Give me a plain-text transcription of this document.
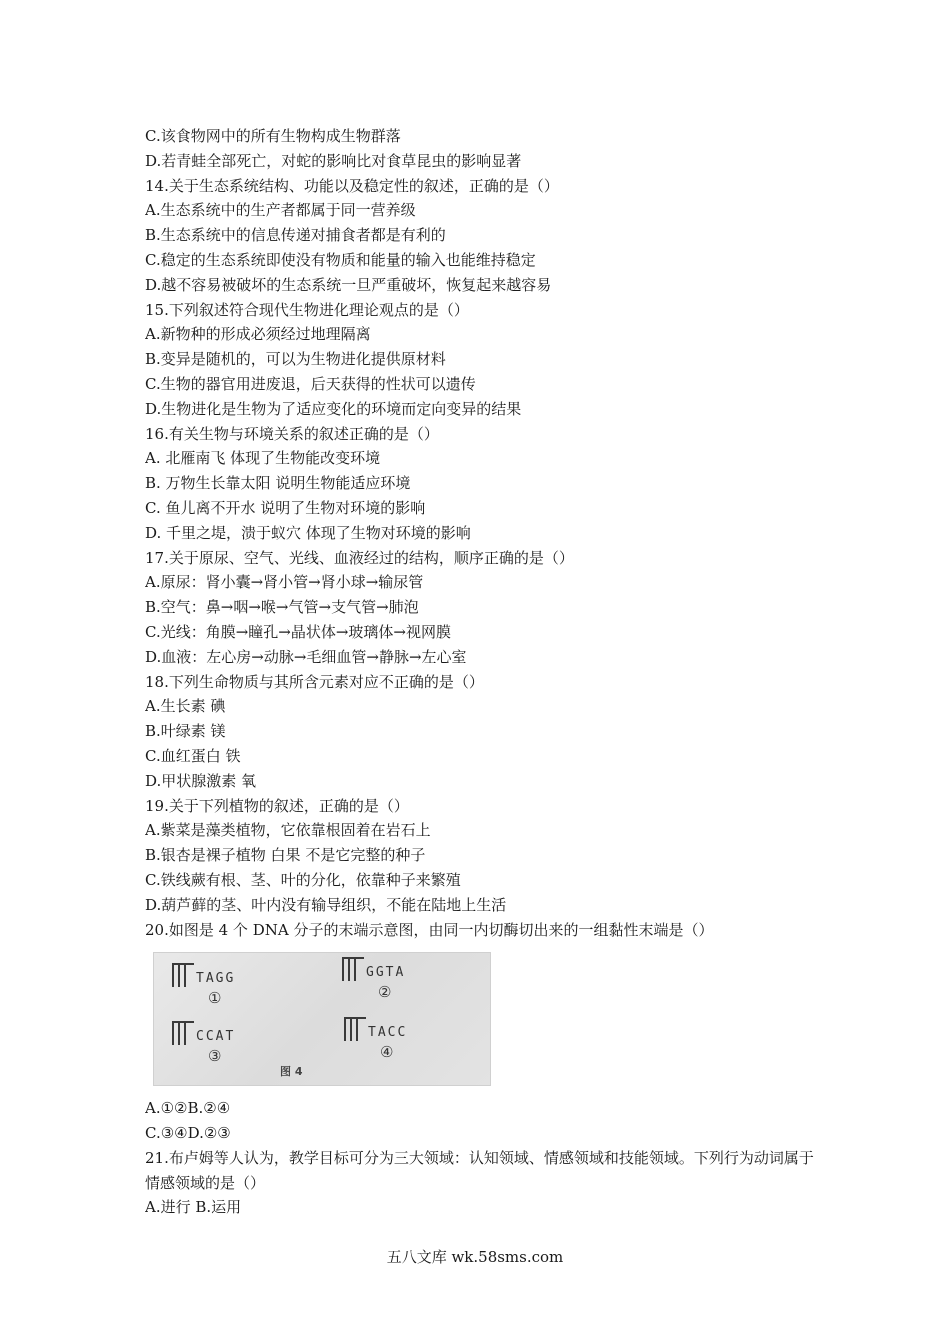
C.该食物网中的所有生物构成生物群落
D.若青蛙全部死亡，对蛇的影响比对食草昆虫的影响显著
14.关于生态系统结构、功能以及稳定性的叙述，正确的是（）
A.生态系统中的生产者都属于同一营养级
B.生态系统中的信息传递对捕食者都是有利的
C.稳定的生态系统即使没有物质和能量的输入也能维持稳定
D.越不容易被破坏的生态系统一旦严重破坏，恢复起来越容易
15.下列叙述符合现代生物进化理论观点的是（）
A.新物种的形成必须经过地理隔离
B.变异是随机的，可以为生物进化提供原材料
C.生物的器官用进废退，后天获得的性状可以遗传
D.生物进化是生物为了适应变化的环境而定向变异的结果
16.有关生物与环境关系的叙述正确的是（）
A. 北雁南飞 体现了生物能改变环境
B. 万物生长靠太阳 说明生物能适应环境
C. 鱼儿离不开水 说明了生物对环境的影响
D. 千里之堤，溃于蚁穴 体现了生物对环境的影响
17.关于原尿、空气、光线、血液经过的结构，顺序正确的是（）
A.原尿：肾小囊→肾小管→肾小球→输尿管
B.空气：鼻→咽→喉→气管→支气管→肺泡
C.光线：角膜→瞳孔→晶状体→玻璃体→视网膜
D.血液：左心房→动脉→毛细血管→静脉→左心室
18.下列生命物质与其所含元素对应不正确的是（）
A.生长素 碘
B.叶绿素 镁
C.血红蛋白 铁
D.甲状腺激素 氧
19.关于下列植物的叙述，正确的是（）
A.紫菜是藻类植物，它依靠根固着在岩石上
B.银杏是裸子植物 白果 不是它完整的种子
C.铁线蕨有根、茎、叶的分化，依靠种子来繁殖
D.葫芦藓的茎、叶内没有输导组织，不能在陆地上生活
20.如图是 4 个 DNA 分子的末端示意图，由同一内切酶切出来的一组黏性末端是（）
TAGG
①
GGTA
②
CCAT
③
TACC
④
图 4
A.①②B.②④
C.③④D.②③
21.布卢姆等人认为，教学目标可分为三大领域：认知领域、情感领域和技能领域。下列行为动词属于情感领域的是（）
A.进行 B.运用
五八文库 wk.58sms.com
